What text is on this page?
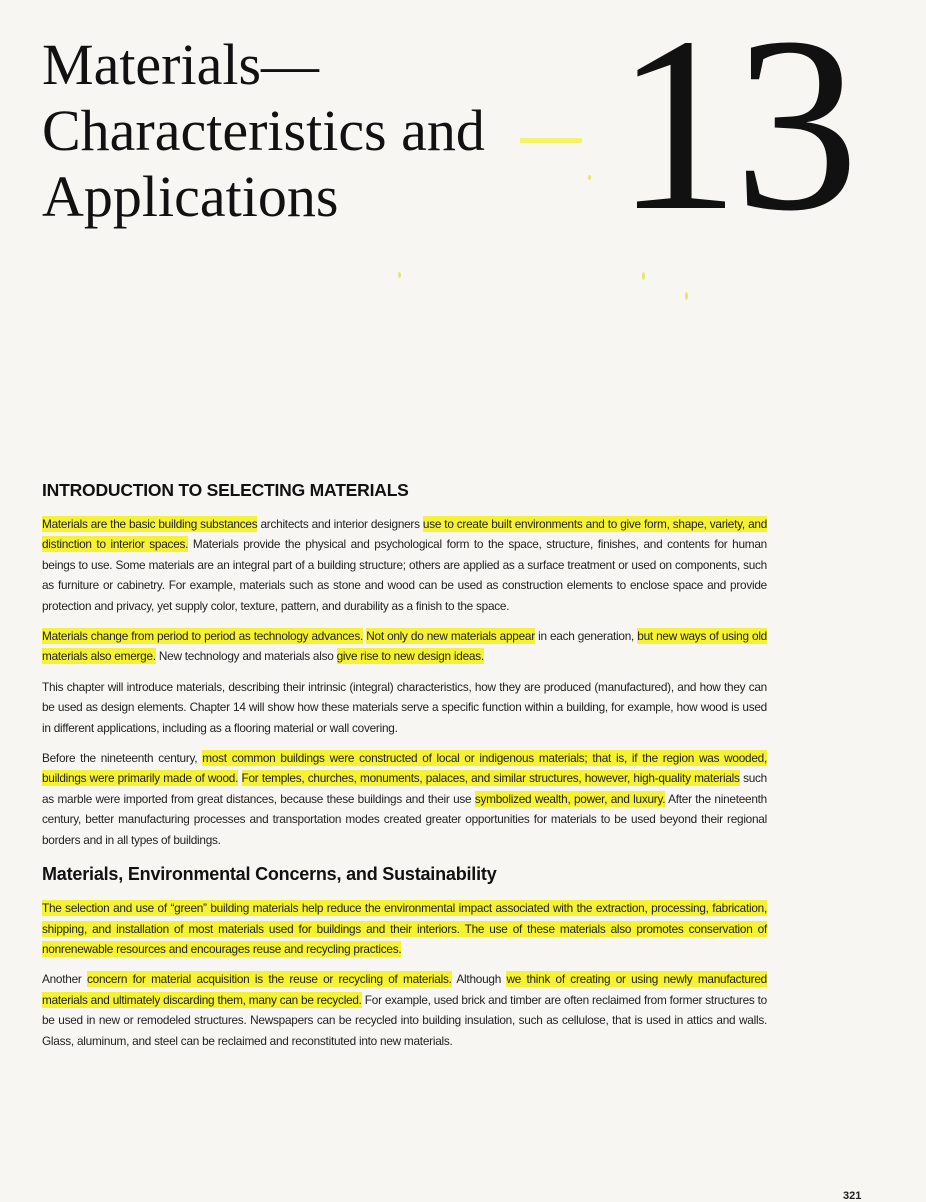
Materials—
Characteristics and
Applications	13
INTRODUCTION TO SELECTING MATERIALS

Materials are the basic building substances architects and interior designers use to create built environments and to give form, shape, variety, and distinction to interior spaces. Materials provide the physical and psychological form to the space, structure, finishes, and contents for human beings to use. Some materials are an integral part of a building structure; others are applied as a surface treatment or used on components, such as furniture or cabinetry. For example, materials such as stone and wood can be used as construction elements to enclose space and provide protection and privacy, yet supply color, texture, pattern, and durability as a finish to the space.

Materials change from period to period as technology advances. Not only do new materials appear in each generation, but new ways of using old materials also emerge. New technology and materials also give rise to new design ideas.

This chapter will introduce materials, describing their intrinsic (integral) characteristics, how they are produced (manufactured), and how they can be used as design elements. Chapter 14 will show how these materials serve a specific function within a building, for example, how wood is used in different applications, including as a flooring material or wall covering.

Before the nineteenth century, most common buildings were constructed of local or indigenous materials; that is, if the region was wooded, buildings were primarily made of wood. For temples, churches, monuments, palaces, and similar structures, however, high-quality materials such as marble were imported from great distances, because these buildings and their use symbolized wealth, power, and luxury. After the nineteenth century, better manufacturing processes and transportation modes created greater opportunities for materials to be used beyond their regional borders and in all types of buildings.

Materials, Environmental Concerns, and Sustainability

The selection and use of “green” building materials help reduce the environmental impact associated with the extraction, processing, fabrication, shipping, and installation of most materials used for buildings and their interiors. The use of these materials also promotes conservation of nonrenewable resources and encourages reuse and recycling practices.

Another concern for material acquisition is the reuse or recycling of materials. Although we think of creating or using newly manufactured materials and ultimately discarding them, many can be recycled. For example, used brick and timber are often reclaimed from former structures to be used in new or remodeled structures. Newspapers can be recycled into building insulation, such as cellulose, that is used in attics and walls. Glass, aluminum, and steel can be reclaimed and reconstituted into new materials.

321
